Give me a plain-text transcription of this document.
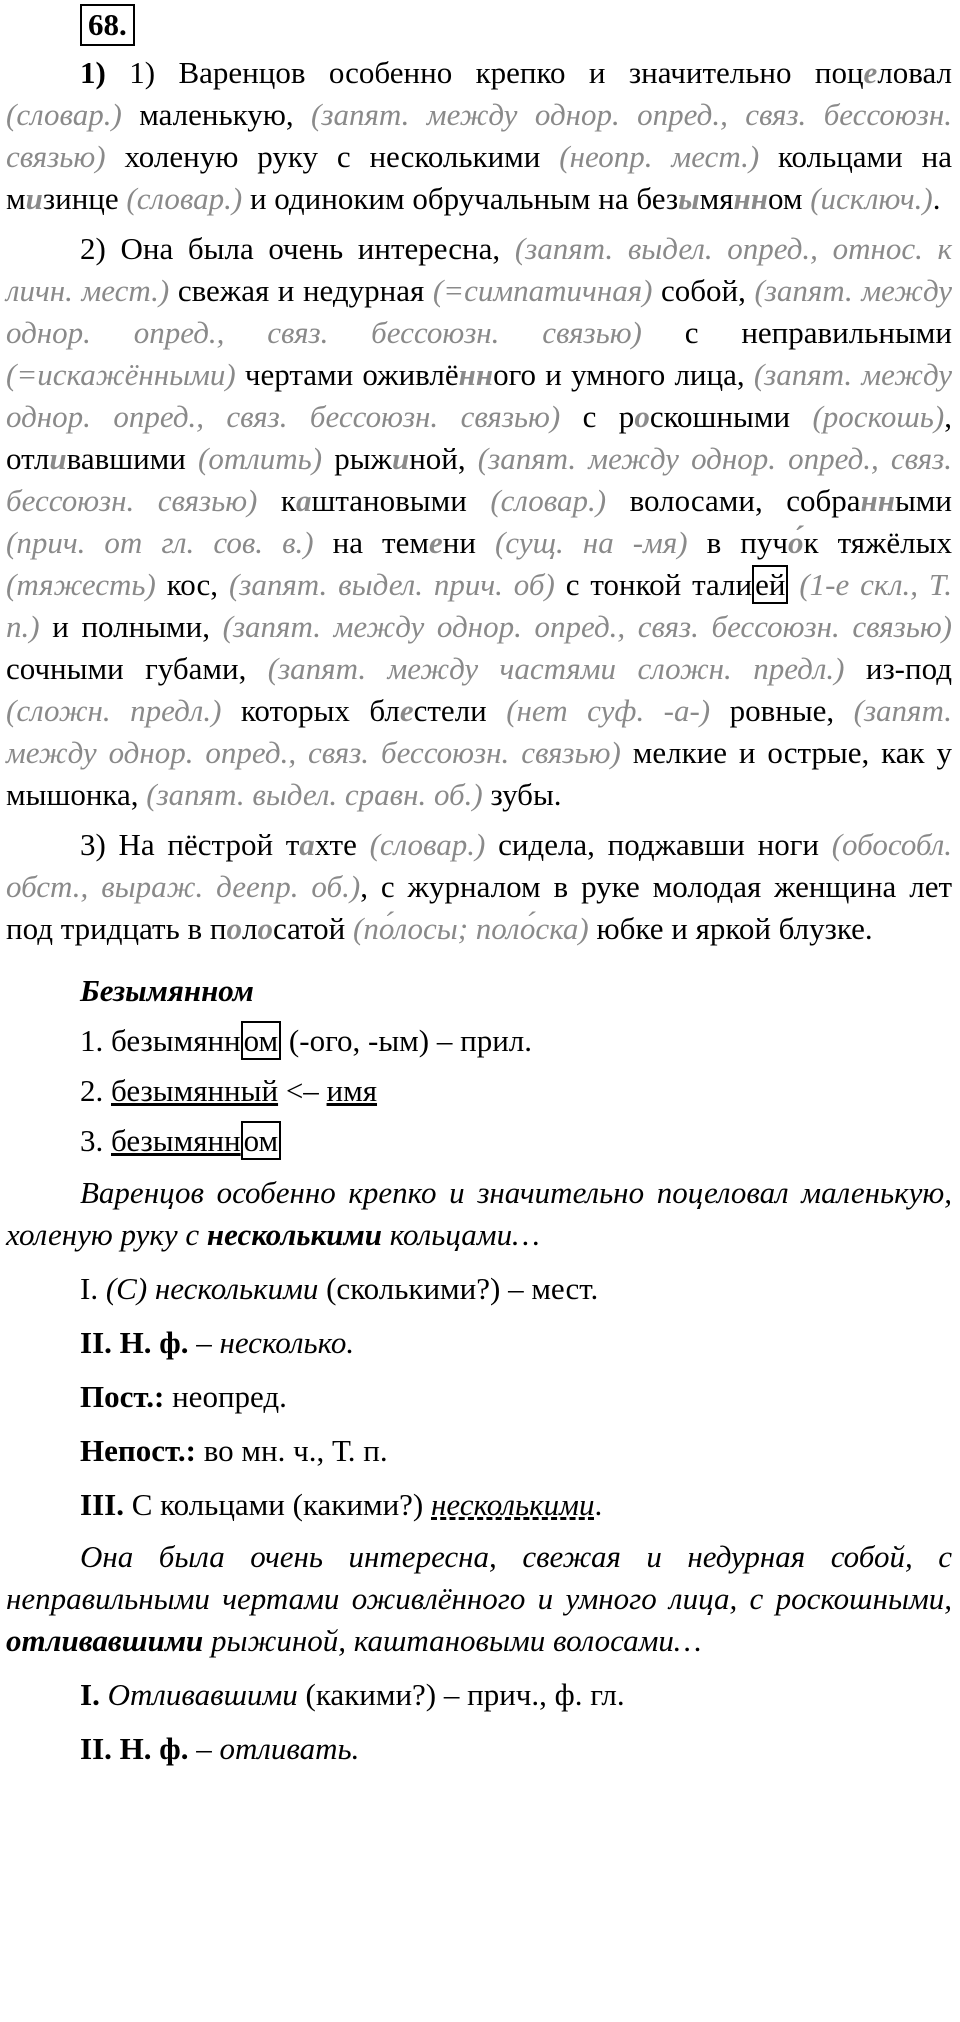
68.

1) 1) Варенцов особенно крепко и значительно поцеловал (словар.) маленькую, (запят. между однор. опред., связ. бессоюзн. связью) холеную руку с несколькими (неопр. мест.) кольцами на мизинце (словар.) и одиноким обручальным на безымянном (исключ.).

2) Она была очень интересна, (запят. выдел. опред., относ. к личн. мест.) свежая и недурная (=симпатичная) собой, (запят. между однор. опред., связ. бессоюзн. связью) с неправильными (=искажёнными) чертами оживлённого и умного лица, (запят. между однор. опред., связ. бессоюзн. связью) с роскошными (роскошь), отливавшими (отлить) рыжиной, (запят. между однор. опред., связ. бессоюзн. связью) каштановыми (словар.) волосами, собранными (прич. от гл. сов. в.) на темени (сущ. на -мя) в пучо́к тяжёлых (тяжесть) кос, (запят. выдел. прич. об) с тонкой талией (1-е скл., Т. п.) и полными, (запят. между однор. опред., связ. бессоюзн. связью) сочными губами, (запят. между частями сложн. предл.) из-под (сложн. предл.) которых блестели (нет суф. -а-) ровные, (запят. между однор. опред., связ. бессоюзн. связью) мелкие и острые, как у мышонка, (запят. выдел. сравн. об.) зубы.

3) На пёстрой тахте (словар.) сидела, поджавши ноги (обособл. обст., выраж. деепр. об.), с журналом в руке молодая женщина лет под тридцать в полосатой (по́лосы; поло́ска) юбке и яркой блузке.

Безымянном
1. безымянном (-ого, -ым) – прил.
2. безымянный <– имя
3. безымянном

Варенцов особенно крепко и значительно поцеловал маленькую, холеную руку с несколькими кольцами…

I. (С) несколькими (сколькими?) – мест.
II. Н. ф. – несколько.
Пост.: неопред.
Непост.: во мн. ч., Т. п.
III. С кольцами (какими?) несколькими.

Она была очень интересна, свежая и недурная собой, с неправильными чертами оживлённого и умного лица, с роскошными, отливавшими рыжиной, каштановыми волосами…

I. Отливавшими (какими?) – прич., ф. гл.
II. Н. ф. – отливать.
